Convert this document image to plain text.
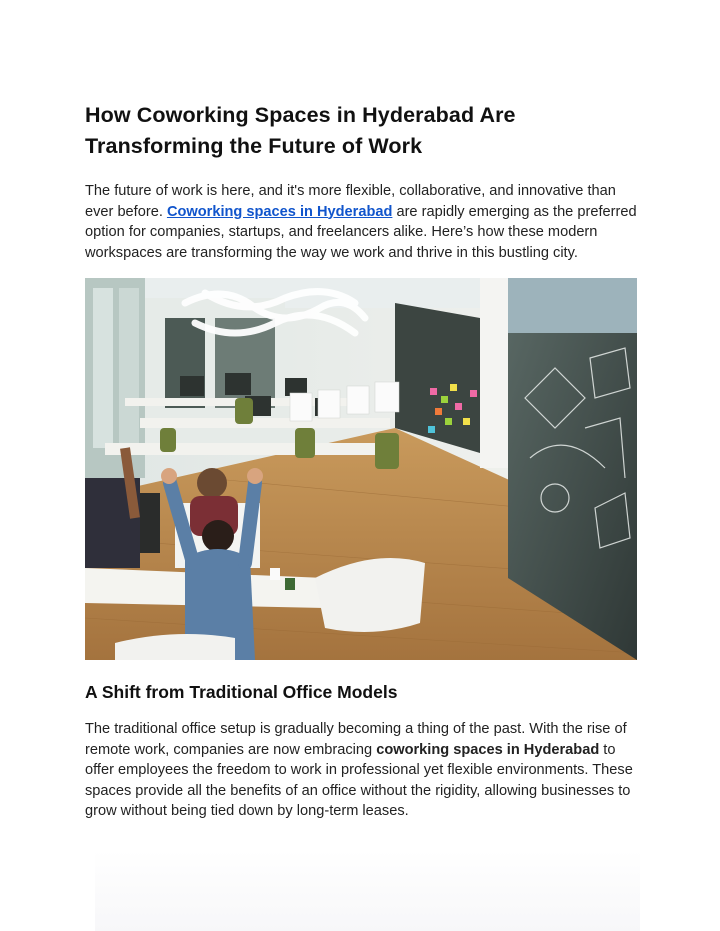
How Coworking Spaces in Hyderabad Are Transforming the Future of Work

The future of work is here, and it's more flexible, collaborative, and innovative than ever before. Coworking spaces in Hyderabad are rapidly emerging as the preferred option for companies, startups, and freelancers alike. Here’s how these modern workspaces are transforming the way we work and thrive in this bustling city.

A Shift from Traditional Office Models

The traditional office setup is gradually becoming a thing of the past. With the rise of remote work, companies are now embracing coworking spaces in Hyderabad to offer employees the freedom to work in professional yet flexible environments. These spaces provide all the benefits of an office without the rigidity, allowing businesses to grow without being tied down by long-term leases.
